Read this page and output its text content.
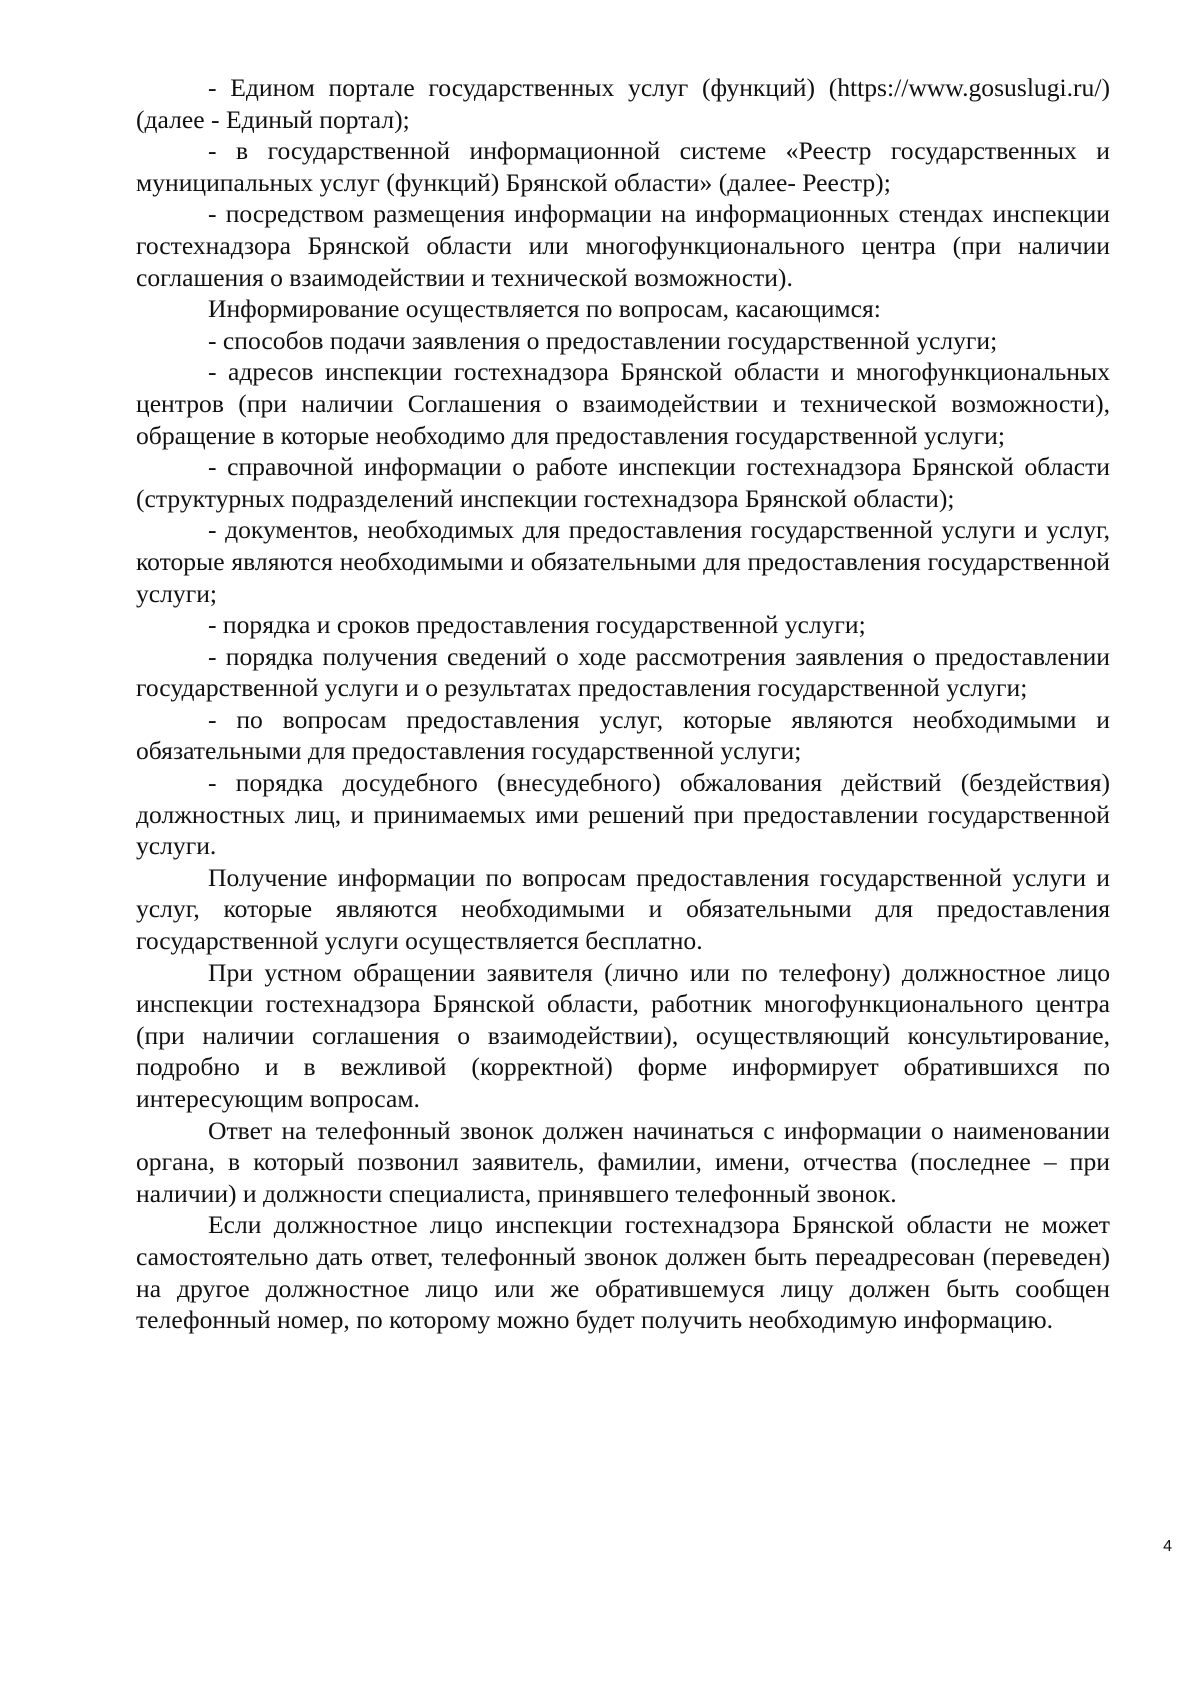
- Едином порталe государственных услуг (функций) (https://www.gosuslugi.ru/) (далее - Единый портал);

- в государственной информационной системе «Реестр государственных и муниципальных услуг (функций) Брянской области» (далее- Реестр);

- посредством размещения информации на информационных стендах инспекции гостехнадзора Брянской области или многофункционального центра (при наличии соглашения о взаимодействии и технической возможности).

Информирование осуществляется по вопросам, касающимся:

- способов подачи заявления о предоставлении государственной услуги;

- адресов инспекции гостехнадзора Брянской области и многофункциональных центров (при наличии Соглашения о взаимодействии и технической возможности), обращение в которые необходимо для предоставления государственной услуги;

- справочной информации о работе инспекции гостехнадзора Брянской области (структурных подразделений инспекции гостехнадзора Брянской области);

- документов, необходимых для предоставления государственной услуги и услуг, которые являются необходимыми и обязательными для предоставления государственной услуги;

- порядка и сроков предоставления государственной услуги;

- порядка получения сведений о ходе рассмотрения заявления о предоставлении государственной услуги и о результатах предоставления государственной услуги;

- по вопросам предоставления услуг, которые являются необходимыми и обязательными для предоставления государственной услуги;

- порядка досудебного (внесудебного) обжалования действий (бездействия) должностных лиц, и принимаемых ими решений при предоставлении государственной услуги.

Получение информации по вопросам предоставления государственной услуги и услуг, которые являются необходимыми и обязательными для предоставления государственной услуги осуществляется бесплатно.

При устном обращении заявителя (лично или по телефону) должностное лицо инспекции гостехнадзора Брянской области, работник многофункционального центра (при наличии соглашения о взаимодействии), осуществляющий консультирование, подробно и в вежливой (корректной) форме информирует обратившихся по интересующим вопросам.

Ответ на телефонный звонок должен начинаться с информации о наименовании органа, в который позвонил заявитель, фамилии, имени, отчества (последнее – при наличии) и должности специалиста, принявшего телефонный звонок.

Если должностное лицо инспекции гостехнадзора Брянской области не может самостоятельно дать ответ, телефонный звонок должен быть переадресован (переведен) на другое должностное лицо или же обратившемуся лицу должен быть сообщен телефонный номер, по которому можно будет получить необходимую информацию.

4
